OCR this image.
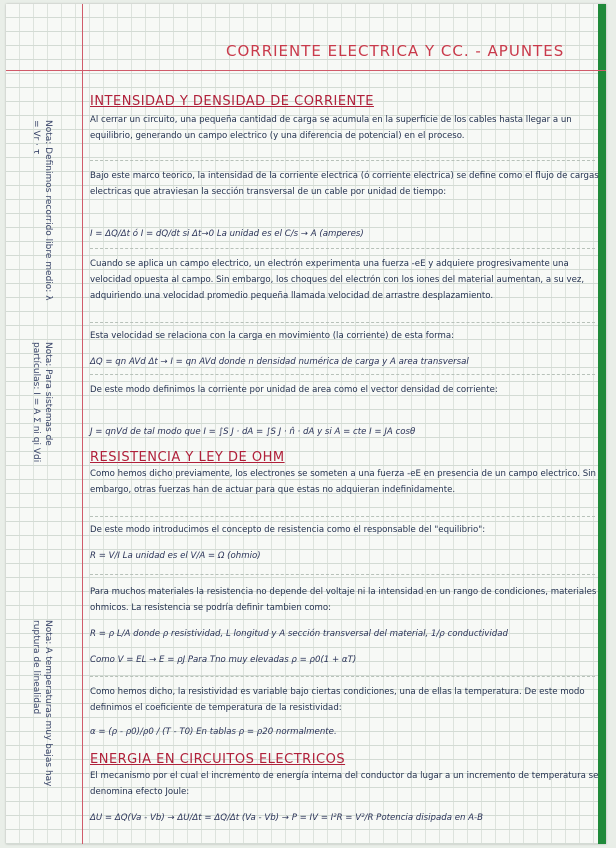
CORRIENTE ELECTRICA Y CC. - APUNTES
INTENSIDAD Y DENSIDAD DE CORRIENTE
Al cerrar un circuito, una pequeña cantidad de carga se acumula en la superficie de los cables hasta llegar a un equilibrio, generando un campo electrico (y una diferencia de potencial) en el proceso.
Bajo este marco teorico, la intensidad de la corriente electrica (ó corriente electrica) se define como el flujo de cargas electricas que atraviesan la sección transversal de un cable por unidad de tiempo:
I = ΔQ/Δt ó I = dQ/dt si Δt→0 La unidad es el C/s → A (amperes)
Cuando se aplica un campo electrico, un electrón experimenta una fuerza -eE y adquiere progresivamente una velocidad opuesta al campo. Sin embargo, los choques del electrón con los iones del material aumentan, a su vez, adquiriendo una velocidad promedio pequeña llamada velocidad de arrastre desplazamiento.
Esta velocidad se relaciona con la carga en movimiento (la corriente) de esta forma:
ΔQ = qn AVd Δt → I = qn AVd donde n densidad numérica de carga y A area transversal
De este modo definimos la corriente por unidad de area como el vector densidad de corriente:
J = qnVd de tal modo que I = ∫S J · dA = ∫S J · n̂ · dA y si A = cte I = JA cosθ
RESISTENCIA Y LEY DE OHM
Como hemos dicho previamente, los electrones se someten a una fuerza -eE en presencia de un campo electrico. Sin embargo, otras fuerzas han de actuar para que estas no adquieran indefinidamente.
De este modo introducimos el concepto de resistencia como el responsable del "equilibrio":
R = V/I La unidad es el V/A = Ω (ohmio)
Para muchos materiales la resistencia no depende del voltaje ni la intensidad en un rango de condiciones, materiales ohmicos. La resistencia se podría definir tambien como:
R = ρ L/A donde ρ resistividad, L longitud y A sección transversal del material, 1/ρ conductividad
Como V = EL → E = ρJ Para Tno muy elevadas ρ = ρ0(1 + αT)
Como hemos dicho, la resistividad es variable bajo ciertas condiciones, una de ellas la temperatura. De este modo definimos el coeficiente de temperatura de la resistividad:
α = (ρ - ρ0)/ρ0 / (T - T0) En tablas ρ = ρ20 normalmente.
ENERGIA EN CIRCUITOS ELECTRICOS
El mecanismo por el cual el incremento de energía interna del conductor da lugar a un incremento de temperatura se denomina efecto Joule:
ΔU = ΔQ(Va - Vb) → ΔU/Δt = ΔQ/Δt (Va - Vb) → P = IV = I²R = V²/R Potencia disipada en A-B
Nota: Definimos recorrido libre medio: λ = Vr · τ
Nota: Para sistemas de partículas: I = A Σ ni qi Vdi
Nota: A temperaturas muy bajas hay ruptura de linealidad
